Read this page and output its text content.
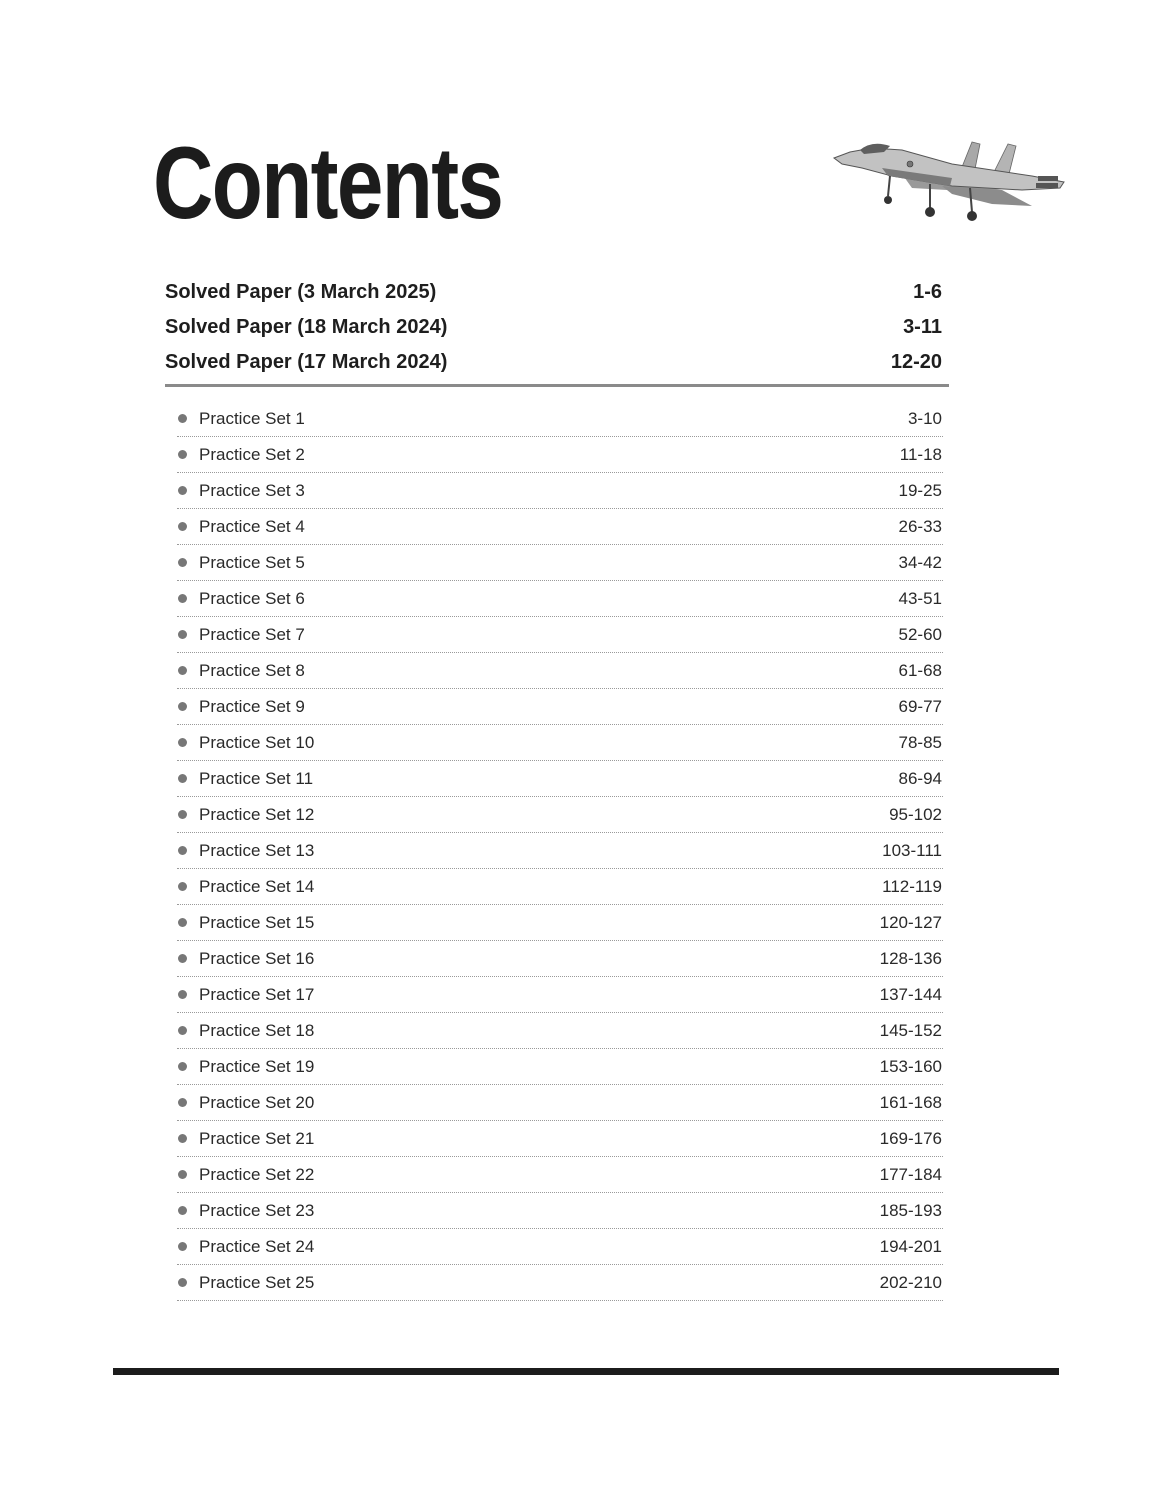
Contents
Solved Paper (3 March 2025)	1-6
Solved Paper (18 March 2024)	3-11
Solved Paper (17 March 2024)	12-20
Practice Set 1	3-10
Practice Set 2	11-18
Practice Set 3	19-25
Practice Set 4	26-33
Practice Set 5	34-42
Practice Set 6	43-51
Practice Set 7	52-60
Practice Set 8	61-68
Practice Set 9	69-77
Practice Set 10	78-85
Practice Set 11	86-94
Practice Set 12	95-102
Practice Set 13	103-111
Practice Set 14	112-119
Practice Set 15	120-127
Practice Set 16	128-136
Practice Set 17	137-144
Practice Set 18	145-152
Practice Set 19	153-160
Practice Set 20	161-168
Practice Set 21	169-176
Practice Set 22	177-184
Practice Set 23	185-193
Practice Set 24	194-201
Practice Set 25	202-210
